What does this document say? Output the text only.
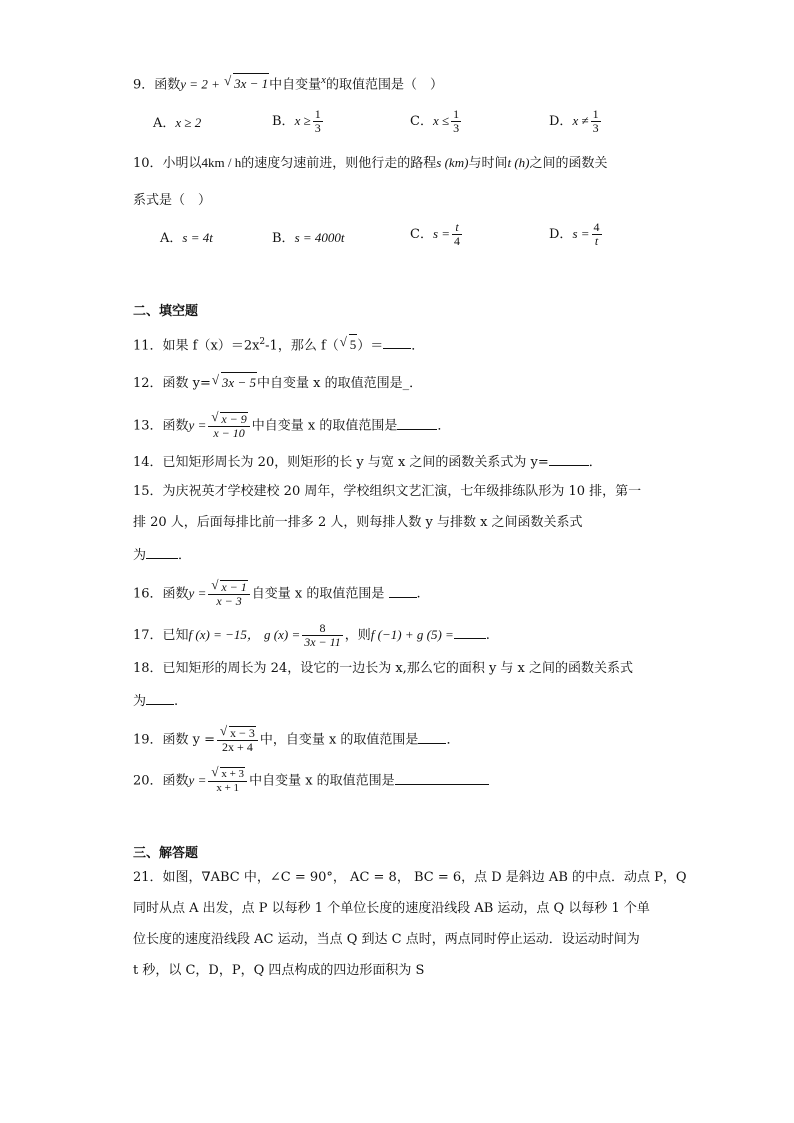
9．函数y = 2 + √ 3x − 1中自变量$^x$的取值范围是（　）
A．x ≥ 2	B．$x \ge \frac{1}{3}$	C．$x \le \frac{1}{3}$	D．$x \ne \frac{1}{3}$
10．小明以4km / h的速度匀速前进，则他行走的路程s (km)与时间t (h)之间的函数关
系式是（　）
A．s = 4t	B．s = 4000t	C．$s = \frac{t}{4}$	D．$s = \frac{4}{t}$
二、填空题
11．如果 $f(x)=2x^2-1$，那么 f（ √ 5）＝ ．
12．函数 y= √ 3x − 5中自变量 x 的取值范围是_．
13．函数y = √ $\frac{x - 9}{x - 10}$ 中自变量 x 的取值范围是	．
14．已知矩形周长为 20，则矩形的长 y 与宽 x 之间的函数关系式为 y=	．
15．为庆祝英才学校建校 20 周年，学校组织文艺汇演，七年级排练队形为 10 排，第一
排 20 人，后面每排比前一排多 2 人，则每排人数 y 与排数 x 之间函数关系式
为 ．
16．函数y = √ $\frac{x - 1}{x - 3}$ 自变量 x 的取值范围是 .
17．已知f (x) = −15， g $(x) = \frac{8}{3x - 11}$ ，则f (−1) + g (5) = .
18．已知矩形的周长为 24，设它的一边长为 x,那么它的面积 y 与 x 之间的函数关系式
为 .
19．函数 y = √ $\frac{x - 3}{2x + 4}$ 中，自变量 x 的取值范围是 ．
20．函数y = √ $\frac{x + 3}{x + 1}$ 中自变量 x 的取值范围是
三、解答题
21．如图，∇ABC 中，∠C = 90°， AC = 8， BC = 6，点 D 是斜边 AB 的中点．动点 P，Q
同时从点 A 出发，点 P 以每秒 1 个单位长度的速度沿线段 AB 运动，点 Q 以每秒 1 个单
位长度的速度沿线段 AC 运动，当点 Q 到达 C 点时，两点同时停止运动．设运动时间为
t 秒，以 C，D，P，Q 四点构成的四边形面积为 S
